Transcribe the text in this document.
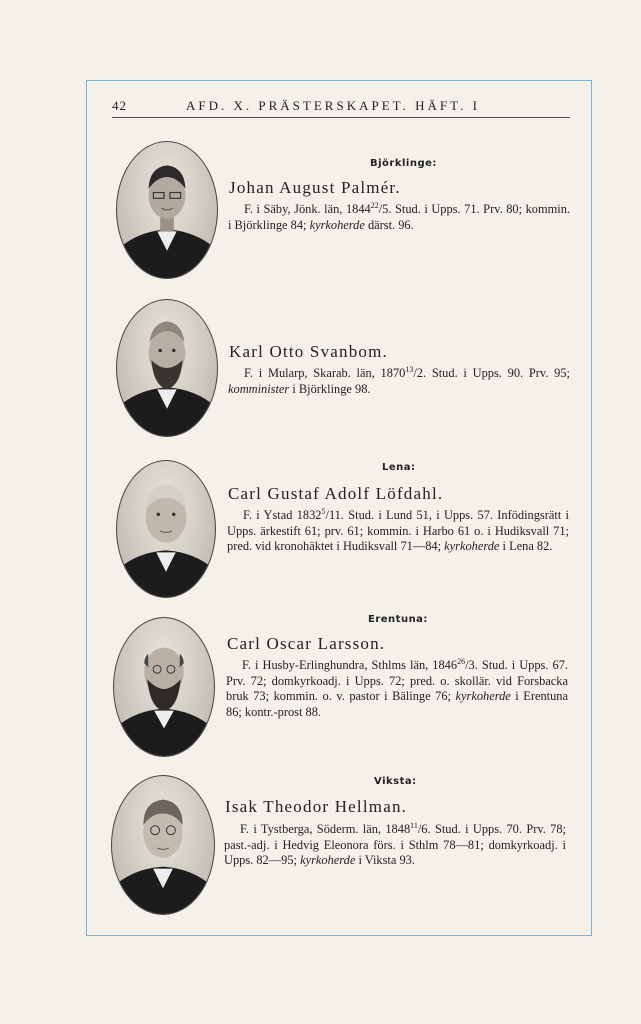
42	AFD. X. PRÄSTERSKAPET. HÄFT. I
Björklinge:
Johan August Palmér.
F. i Säby, Jönk. län, 1844$^{22}$/5. Stud. i Upps. 71. Prv. 80; kommin. i Björklinge 84; kyrkoherde därst. 96.
Karl Otto Svanbom.
F. i Mularp, Skarab. län, 1870$^{13}$/2. Stud. i Upps. 90. Prv. 95; komminister i Björklinge 98.
Lena:
Carl Gustaf Adolf Löfdahl.
F. i Ystad 1832$^5$/11. Stud. i Lund 51, i Upps. 57. Infödingsrätt i Upps. ärkestift 61; prv. 61; kommin. i Harbo 61 o. i Hudiksvall 71; pred. vid kronohäktet i Hudiksvall 71—84; kyrkoherde i Lena 82.
Erentuna:
Carl Oscar Larsson.
F. i Husby-Erlinghundra, Sthlms län, 1846$^{26}$/3. Stud. i Upps. 67. Prv. 72; domkyrkoadj. i Upps. 72; pred. o. skollär. vid Forsbacka bruk 73; kommin. o. v. pastor i Bälinge 76; kyrkoherde i Erentuna 86; kontr.-prost 88.
Viksta:
Isak Theodor Hellman.
F. i Tystberga, Söderm. län, 1848$^{11}$/6. Stud. i Upps. 70. Prv. 78; past.-adj. i Hedvig Eleonora förs. i Sthlm 78—81; domkyrkoadj. i Upps. 82—95; kyrkoherde i Viksta 93.
